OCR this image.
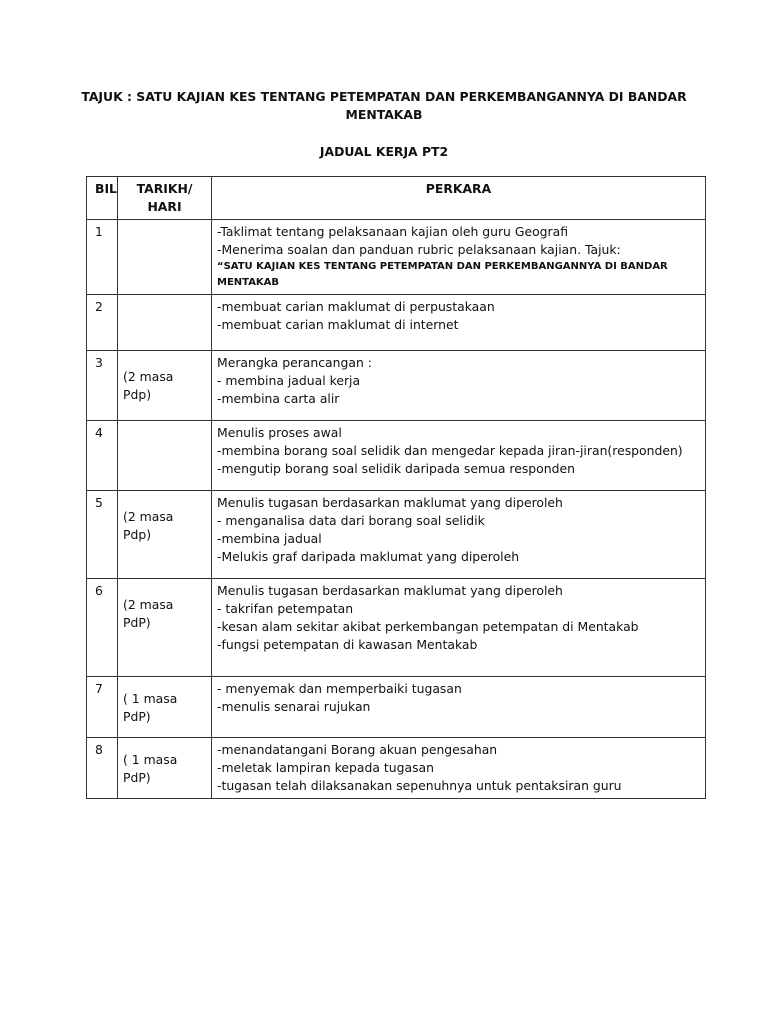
TAJUK : SATU KAJIAN KES TENTANG PETEMPATAN DAN PERKEMBANGANNYA DI BANDAR MENTAKAB
JADUAL KERJA PT2
BIL	TARIKH/ HARI	PERKARA
1		-Taklimat tentang pelaksanaan kajian oleh guru Geografi
-Menerima soalan dan panduan rubric pelaksanaan kajian. Tajuk:
“SATU KAJIAN KES TENTANG PETEMPATAN DAN PERKEMBANGANNYA DI BANDAR MENTAKAB

2		-membuat carian maklumat di perpustakaan
-membuat carian maklumat di internet

3	(2 masa Pdp)	Merangka perancangan :
- membina jadual kerja
-membina carta alir

4		Menulis proses awal
-membina borang soal selidik dan mengedar kepada jiran-jiran(responden)
-mengutip borang soal selidik daripada semua responden

5	(2 masa Pdp)	Menulis tugasan berdasarkan maklumat yang diperoleh
- menganalisa data dari borang soal selidik
-membina jadual
-Melukis graf daripada maklumat yang diperoleh

6	(2 masa PdP)	Menulis tugasan berdasarkan maklumat yang diperoleh
- takrifan petempatan
-kesan alam sekitar akibat perkembangan petempatan di Mentakab
-fungsi petempatan di kawasan Mentakab

7	( 1 masa PdP)	- menyemak dan memperbaiki tugasan
-menulis senarai rujukan

8	( 1 masa PdP)	-menandatangani Borang akuan pengesahan
-meletak lampiran kepada tugasan
-tugasan telah dilaksanakan sepenuhnya untuk pentaksiran guru
